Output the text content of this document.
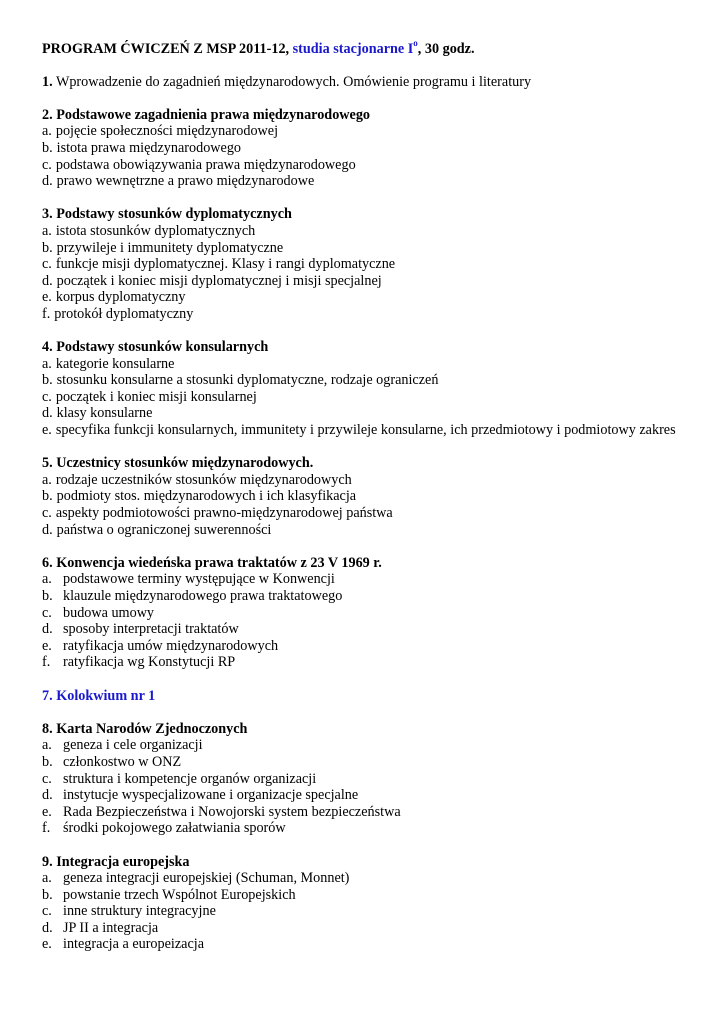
PROGRAM ĆWICZEŃ Z MSP 2011-12, studia stacjonarne $I^o$, 30 godz.
1. Wprowadzenie do zagadnień międzynarodowych. Omówienie programu i literatury
2. Podstawowe zagadnienia prawa międzynarodowego
a. pojęcie społeczności międzynarodowej
b. istota prawa międzynarodowego
c. podstawa obowiązywania prawa międzynarodowego
d. prawo wewnętrzne a prawo międzynarodowe
3. Podstawy stosunków dyplomatycznych
a. istota stosunków dyplomatycznych
b. przywileje i immunitety dyplomatyczne
c. funkcje misji dyplomatycznej. Klasy i rangi dyplomatyczne
d. początek i koniec misji dyplomatycznej i misji specjalnej
e. korpus dyplomatyczny
f. protokół dyplomatyczny
4. Podstawy stosunków konsularnych
a. kategorie konsularne
b. stosunku konsularne a stosunki dyplomatyczne, rodzaje ograniczeń
c. początek i koniec misji konsularnej
d. klasy konsularne
e. specyfika funkcji konsularnych, immunitety i przywileje konsularne, ich przedmiotowy i podmiotowy zakres
5. Uczestnicy stosunków międzynarodowych.
a. rodzaje uczestników stosunków międzynarodowych
b. podmioty stos. międzynarodowych i ich klasyfikacja
c. aspekty podmiotowości prawno-międzynarodowej państwa
d. państwa o ograniczonej suwerenności
6. Konwencja wiedeńska prawa traktatów z 23 V 1969 r.
a. podstawowe terminy występujące w Konwencji
b. klauzule międzynarodowego prawa traktatowego
c. budowa umowy
d. sposoby interpretacji traktatów
e. ratyfikacja umów międzynarodowych
f. ratyfikacja wg Konstytucji RP
7. Kolokwium nr 1
8. Karta Narodów Zjednoczonych
a. geneza i cele organizacji
b. członkostwo w ONZ
c. struktura i kompetencje organów organizacji
d. instytucje wyspecjalizowane i organizacje specjalne
e. Rada Bezpieczeństwa i Nowojorski system bezpieczeństwa
f. środki pokojowego załatwiania sporów
9. Integracja europejska
a. geneza integracji europejskiej (Schuman, Monnet)
b. powstanie trzech Wspólnot Europejskich
c. inne struktury integracyjne
d. JP II a integracja
e. integracja a europeizacja
